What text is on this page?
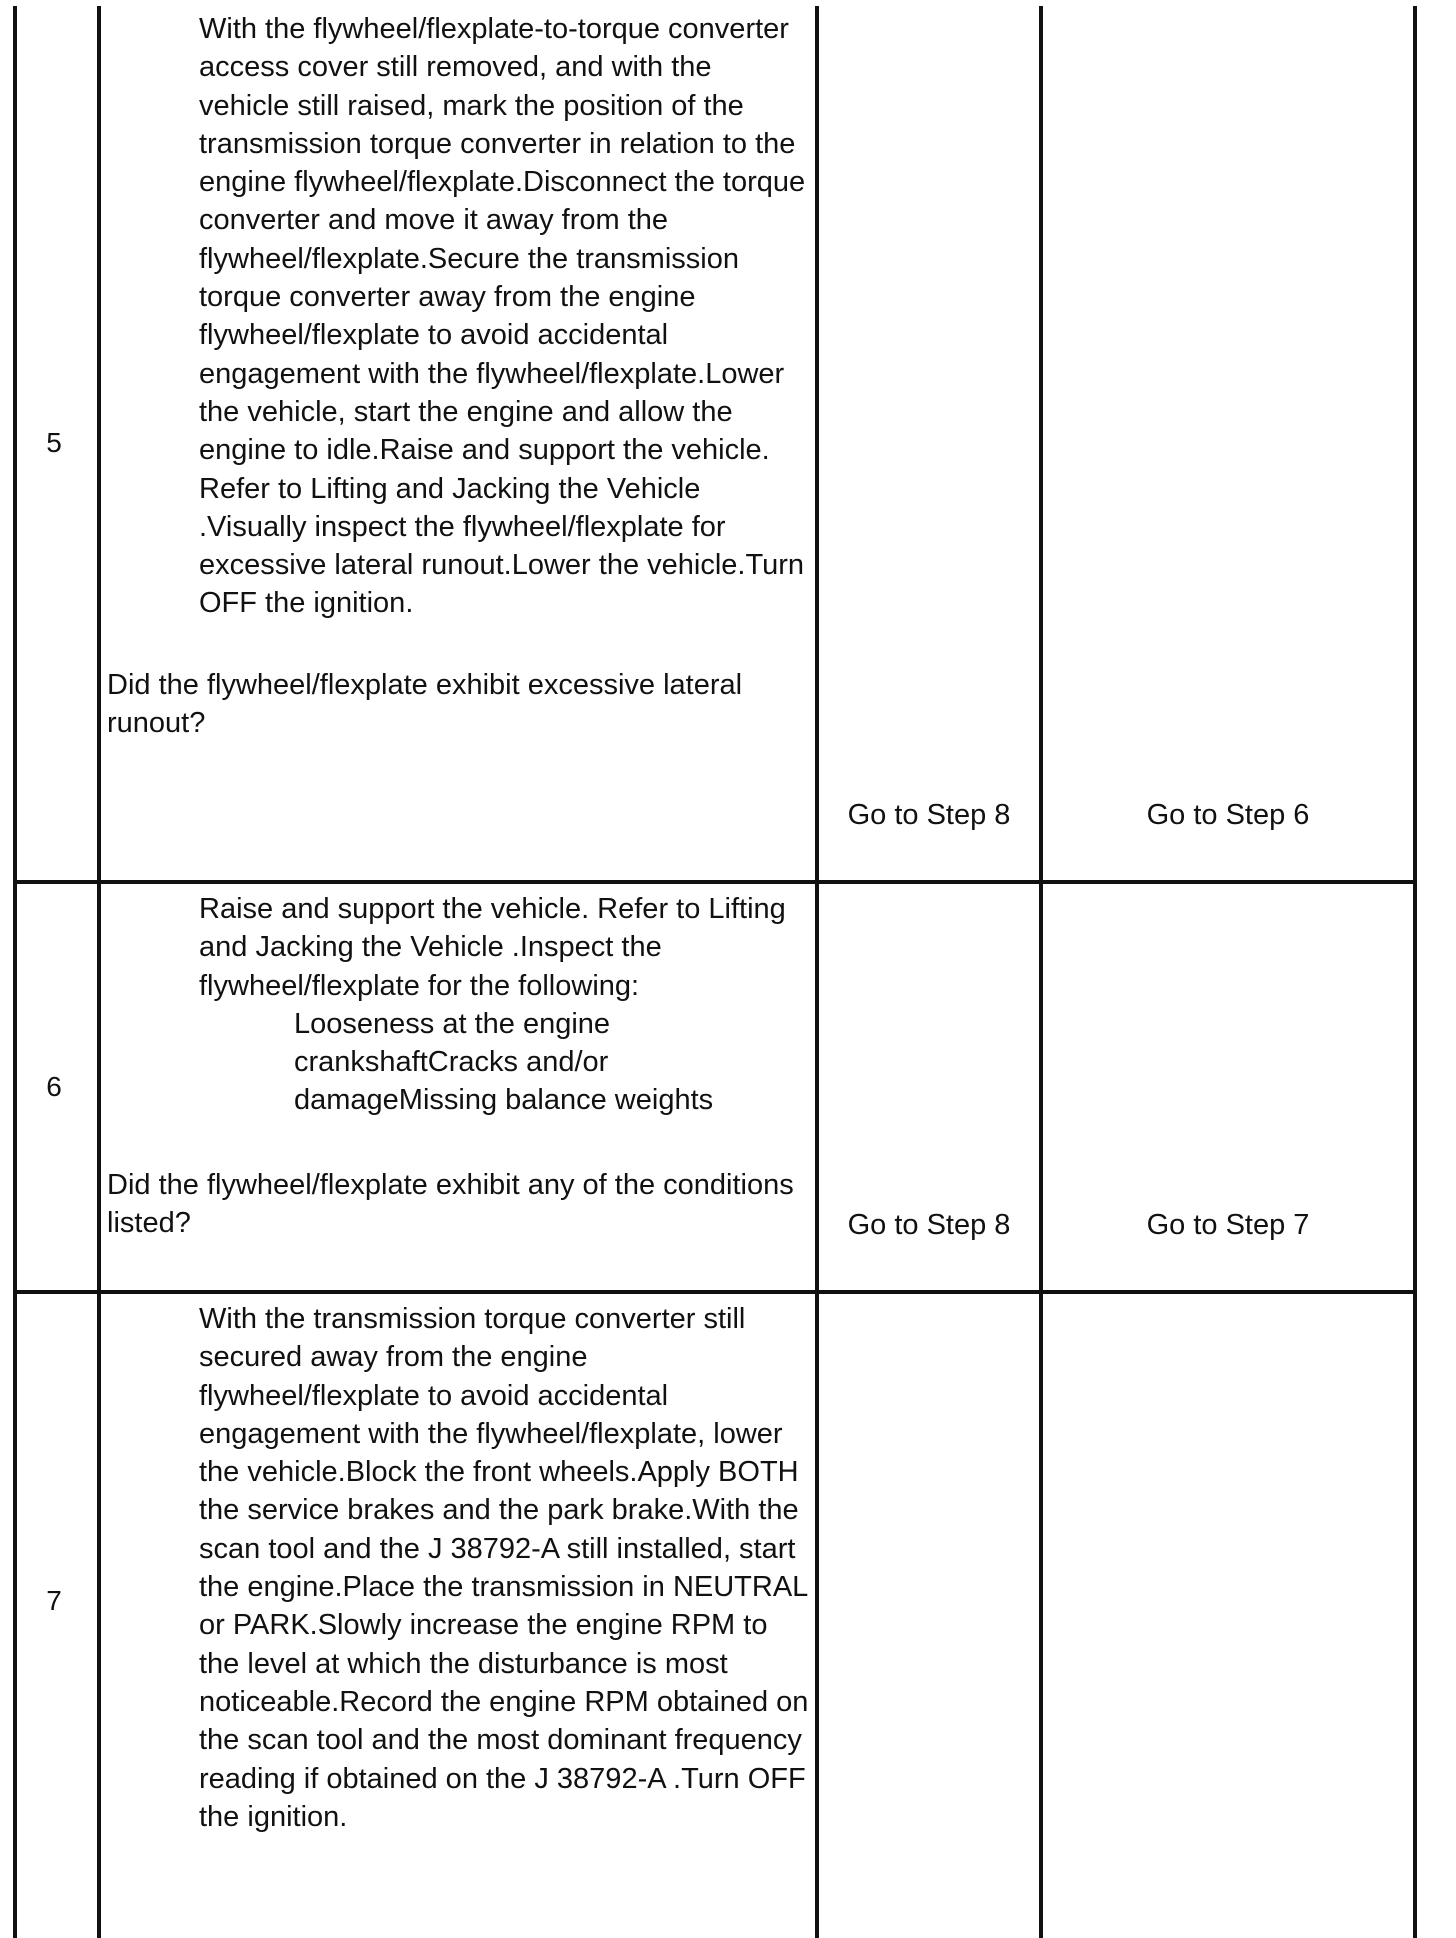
5	With the flywheel/flexplate-to-torque converter access cover still removed, and with the vehicle still raised, mark the position of the transmission torque converter in relation to the engine flywheel/flexplate.Disconnect the torque converter and move it away from the flywheel/flexplate.Secure the transmission torque converter away from the engine flywheel/flexplate to avoid accidental engagement with the flywheel/flexplate.Lower the vehicle, start the engine and allow the engine to idle.Raise and support the vehicle. Refer to Lifting and Jacking the Vehicle .Visually inspect the flywheel/flexplate for excessive lateral runout.Lower the vehicle.Turn OFF the ignition.
Did the flywheel/flexplate exhibit excessive lateral runout?	Go to Step 8	Go to Step 6

6	Raise and support the vehicle. Refer to Lifting and Jacking the Vehicle .Inspect the flywheel/flexplate for the following:
Looseness at the engine crankshaftCracks and/or damageMissing balance weights
Did the flywheel/flexplate exhibit any of the conditions listed?	Go to Step 8	Go to Step 7

7	With the transmission torque converter still secured away from the engine flywheel/flexplate to avoid accidental engagement with the flywheel/flexplate, lower the vehicle.Block the front wheels.Apply BOTH the service brakes and the park brake.With the scan tool and the J 38792-A still installed, start the engine.Place the transmission in NEUTRAL or PARK.Slowly increase the engine RPM to the level at which the disturbance is most noticeable.Record the engine RPM obtained on the scan tool and the most dominant frequency reading if obtained on the J 38792-A .Turn OFF the ignition.		
